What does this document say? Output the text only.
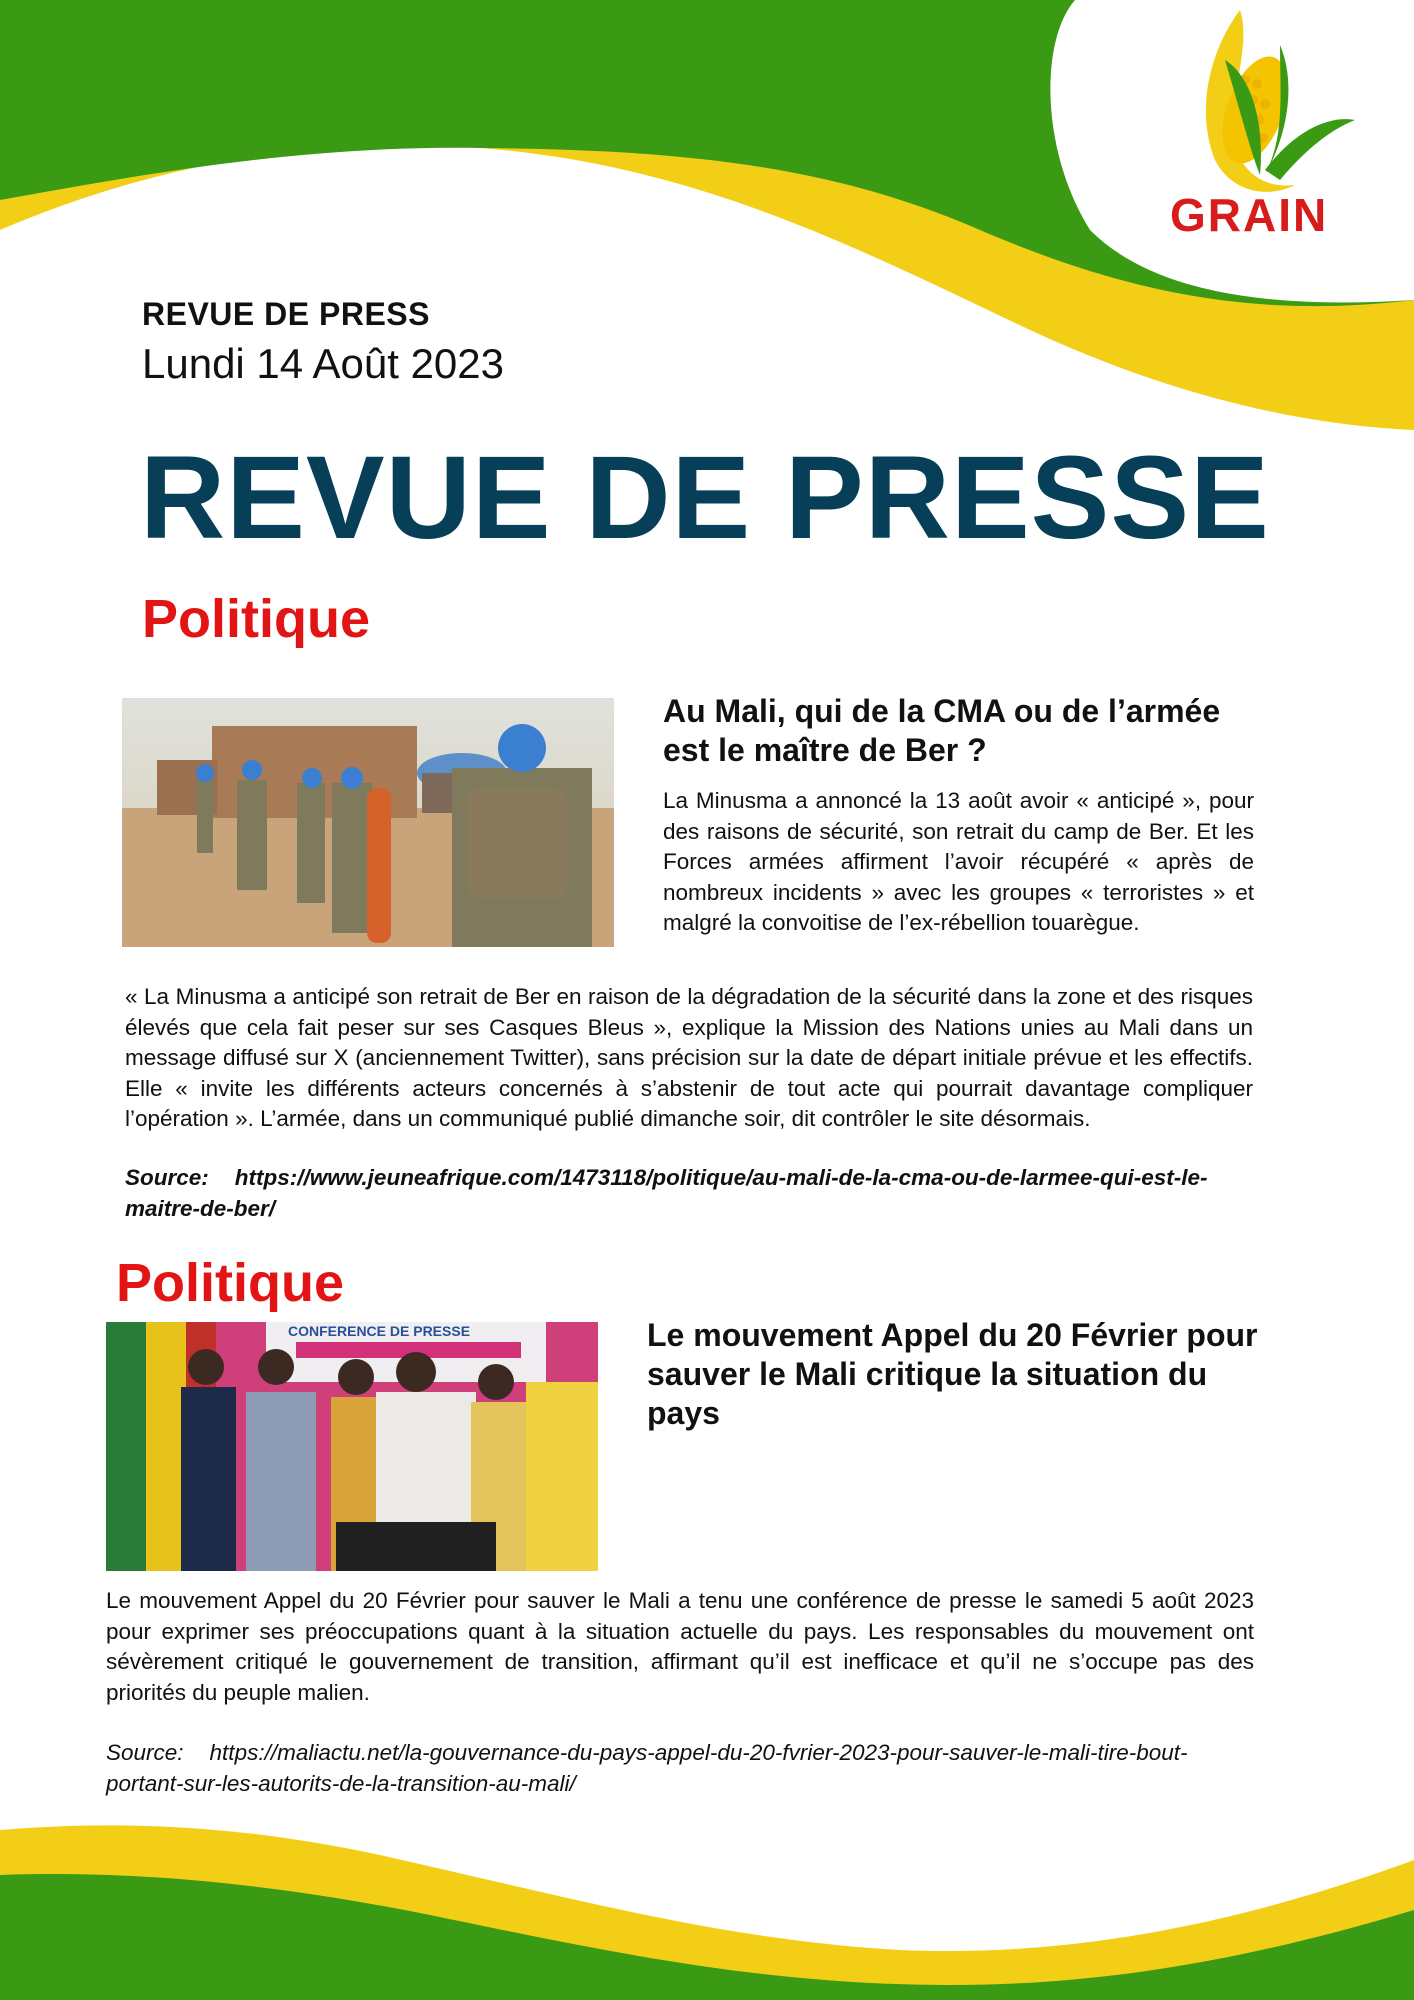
GRAIN
REVUE DE PRESS
Lundi 14 Août 2023
REVUE DE PRESSE
Politique
Au Mali, qui de la CMA ou de l’armée est le maître de Ber ?
La Minusma a annoncé la 13 août avoir « anticipé », pour des raisons de sécurité, son retrait du camp de Ber. Et les Forces armées affirment l’avoir récupéré « après de nombreux incidents » avec les groupes « terroristes » et malgré la convoitise de l’ex-rébellion touarègue.
« La Minusma a anticipé son retrait de Ber en raison de la dégradation de la sécurité dans la zone et des risques élevés que cela fait peser sur ses Casques Bleus », explique la Mission des Nations unies au Mali dans un message diffusé sur X (anciennement Twitter), sans précision sur la date de départ initiale prévue et les effectifs. Elle « invite les différents acteurs concernés à s’abstenir de tout acte qui pourrait davantage compliquer l’opération ». L’armée, dans un communiqué publié dimanche soir, dit contrôler le site désormais.
Source: https://www.jeuneafrique.com/1473118/politique/au-mali-de-la-cma-ou-de-larmee-qui-est-le-maitre-de-ber/
Politique
CONFERENCE DE PRESSE	Le mouvement Appel du 20 Février pour sauver le Mali critique la situation du pays
Le mouvement Appel du 20 Février pour sauver le Mali a tenu une conférence de presse le samedi 5 août 2023 pour exprimer ses préoccupations quant à la situation actuelle du pays. Les responsables du mouvement ont sévèrement critiqué le gouvernement de transition, affirmant qu’il est inefficace et qu’il ne s’occupe pas des priorités du peuple malien.
Source: https://maliactu.net/la-gouvernance-du-pays-appel-du-20-fvrier-2023-pour-sauver-le-mali-tire-bout-portant-sur-les-autorits-de-la-transition-au-mali/
